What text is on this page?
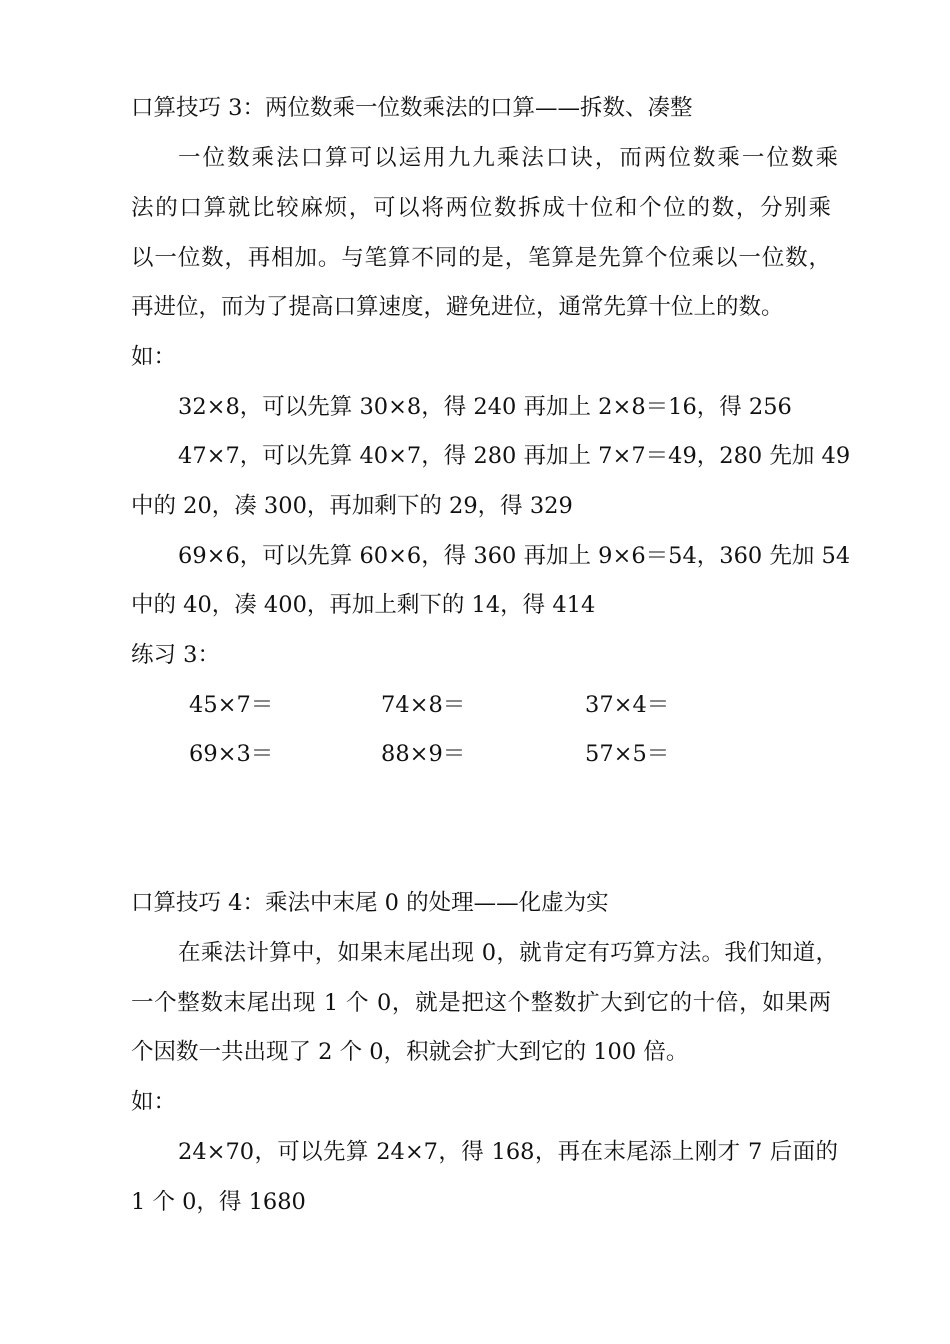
口算技巧 3：两位数乘一位数乘法的口算——拆数、凑整
一位数乘法口算可以运用九九乘法口诀，而两位数乘一位数乘
法的口算就比较麻烦，可以将两位数拆成十位和个位的数，分别乘
以一位数，再相加。与笔算不同的是，笔算是先算个位乘以一位数，
再进位，而为了提高口算速度，避免进位，通常先算十位上的数。
如：
32×8，可以先算 30×8，得 240 再加上 2×8＝16，得 256
47×7，可以先算 40×7，得 280 再加上 7×7＝49，280 先加 49
中的 20，凑 300，再加剩下的 29，得 329
69×6，可以先算 60×6，得 360 再加上 9×6＝54，360 先加 54
中的 40，凑 400，再加上剩下的 14，得 414
练习 3：
45×7＝	74×8＝	37×4＝
69×3＝	88×9＝	57×5＝
口算技巧 4：乘法中末尾 0 的处理——化虚为实
在乘法计算中，如果末尾出现 0，就肯定有巧算方法。我们知道，
一个整数末尾出现 1 个 0，就是把这个整数扩大到它的十倍，如果两
个因数一共出现了 2 个 0，积就会扩大到它的 100 倍。
如：
24×70，可以先算 24×7，得 168，再在末尾添上刚才 7 后面的
1 个 0，得 1680
